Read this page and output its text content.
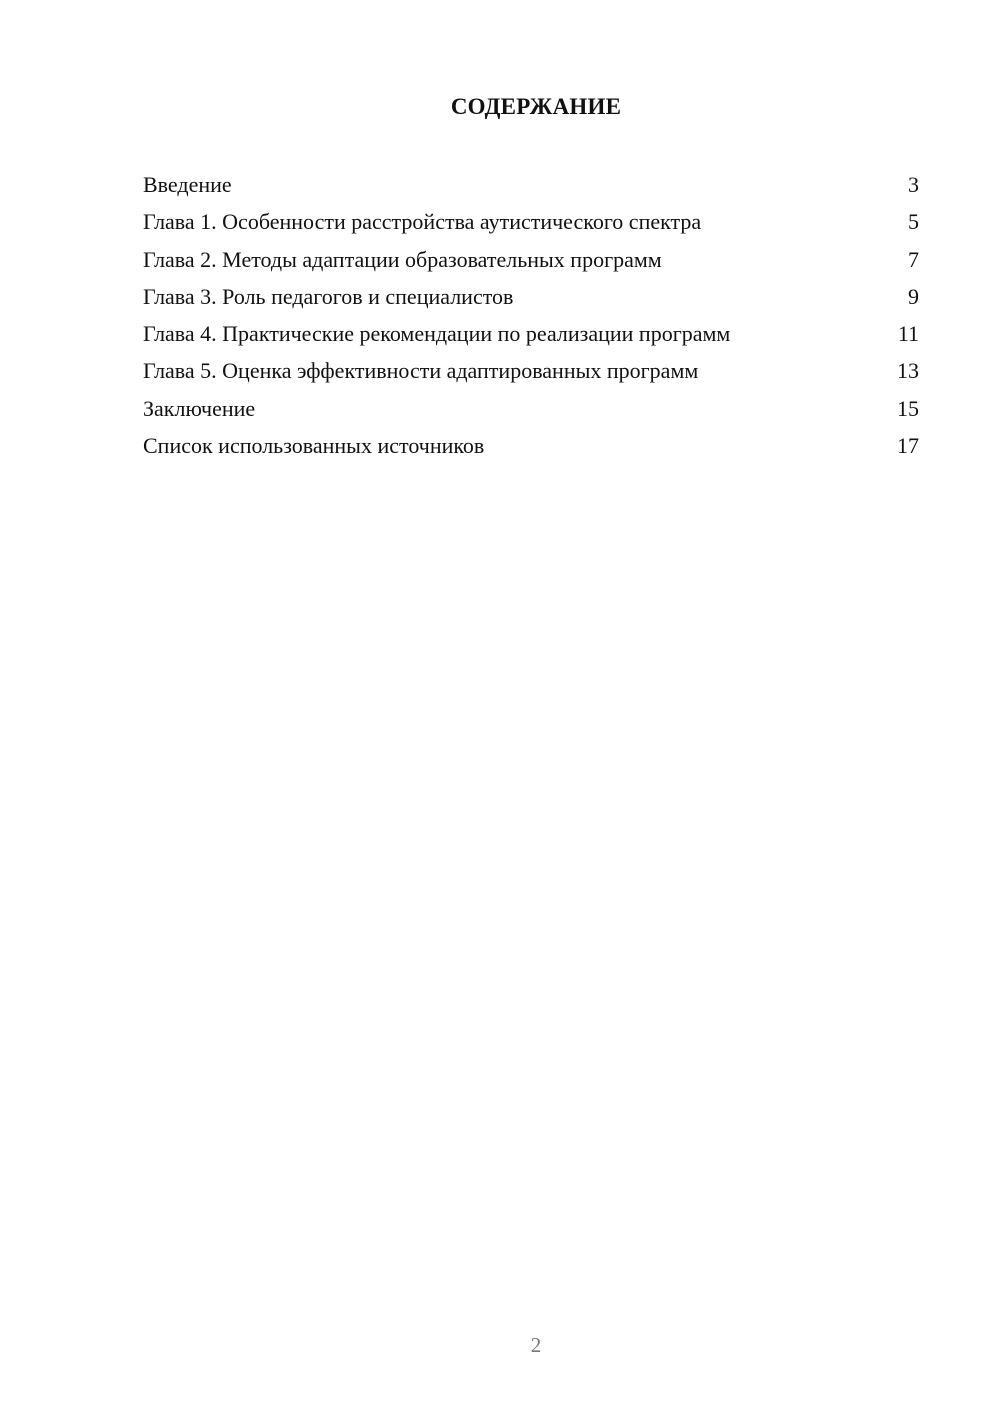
СОДЕРЖАНИЕ
Введение	3
Глава 1. Особенности расстройства аутистического спектра	5
Глава 2. Методы адаптации образовательных программ	7
Глава 3. Роль педагогов и специалистов	9
Глава 4. Практические рекомендации по реализации программ	11
Глава 5. Оценка эффективности адаптированных программ	13
Заключение	15
Список использованных источников	17
2
